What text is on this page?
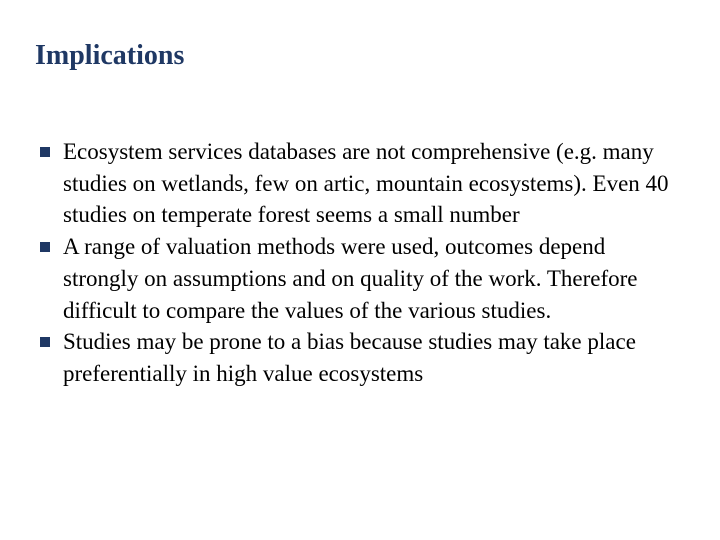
Implications
Ecosystem services databases are not comprehensive (e.g. many studies on wetlands, few on artic, mountain ecosystems). Even 40 studies on temperate forest seems a small number
A range of valuation methods were used, outcomes depend strongly on assumptions and on quality of the work. Therefore difficult to compare the values of the various studies.
Studies may be prone to a bias because studies may take place preferentially in high value ecosystems
